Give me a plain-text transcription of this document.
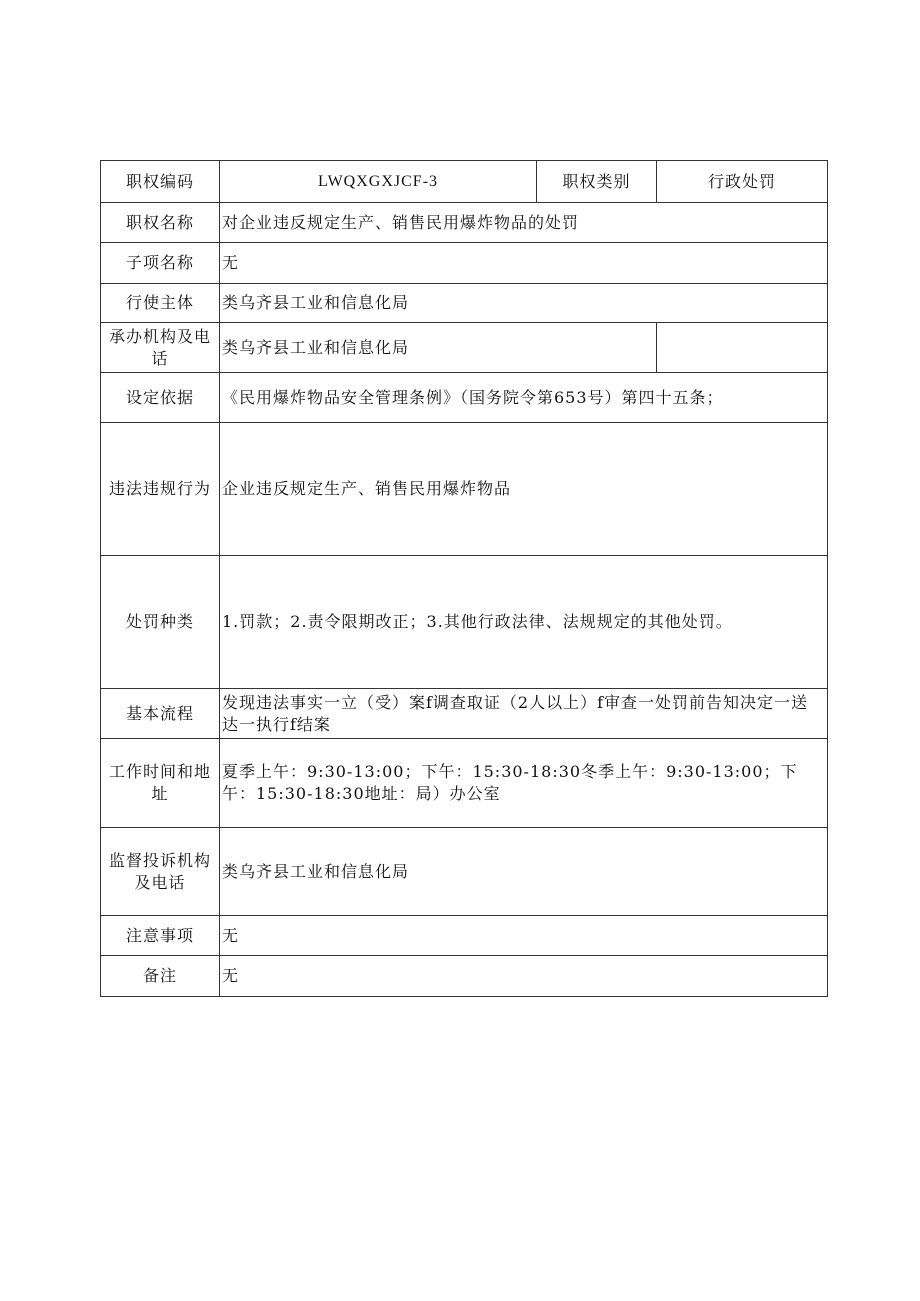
职权编码	LWQXGXJCF-3	职权类别	行政处罚
职权名称	对企业违反规定生产、销售民用爆炸物品的处罚		
子项名称	无		
行使主体	类乌齐县工业和信息化局		
承办机构及电话	类乌齐县工业和信息化局		
设定依据	《民用爆炸物品安全管理条例》（国务院令第653号）第四十五条；		
违法违规行为	企业违反规定生产、销售民用爆炸物品		
处罚种类	1.罚款；2.责令限期改正；3.其他行政法律、法规规定的其他处罚。		
基本流程	发现违法事实一立（受）案f调查取证（2人以上）f审查一处罚前告知决定一送达一执行f结案		
工作时间和地址	夏季上午：9:30-13:00；下午：15:30-18:30冬季上午：9:30-13:00；下午：15:30-18:30地址：局）办公室		
监督投诉机构及电话	类乌齐县工业和信息化局		
注意事项	无		
备注	无		
